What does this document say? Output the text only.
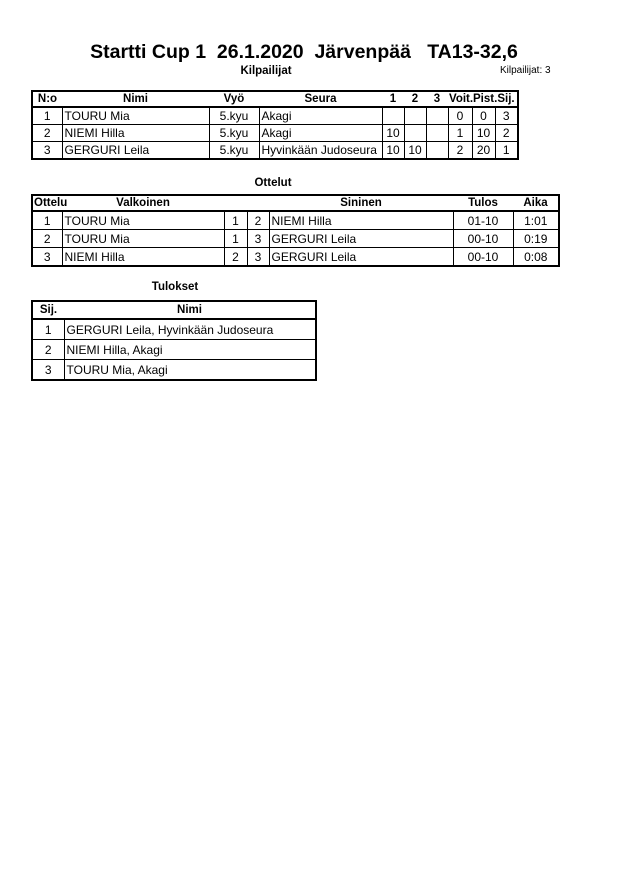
Startti Cup 1  26.1.2020  Järvenpää   TA13-32,6
Kilpailijat: 3
Kilpailijat
N:o	Nimi	Vyö	Seura	1	2	3	Voit.	Pist.	Sij.
1	TOURU Mia	5.kyu	Akagi				0	0	3
2	NIEMI Hilla	5.kyu	Akagi	10			1	10	2
3	GERGURI Leila	5.kyu	Hyvinkään Judoseura	10	10		2	20	1
Ottelut
Ottelu	Valkoinen			Sininen	Tulos	Aika
1	TOURU Mia	1	2	NIEMI Hilla	01-10	1:01
2	TOURU Mia	1	3	GERGURI Leila	00-10	0:19
3	NIEMI Hilla	2	3	GERGURI Leila	00-10	0:08
Tulokset
Sij.	Nimi
1	GERGURI Leila, Hyvinkään Judoseura
2	NIEMI Hilla, Akagi
3	TOURU Mia, Akagi
